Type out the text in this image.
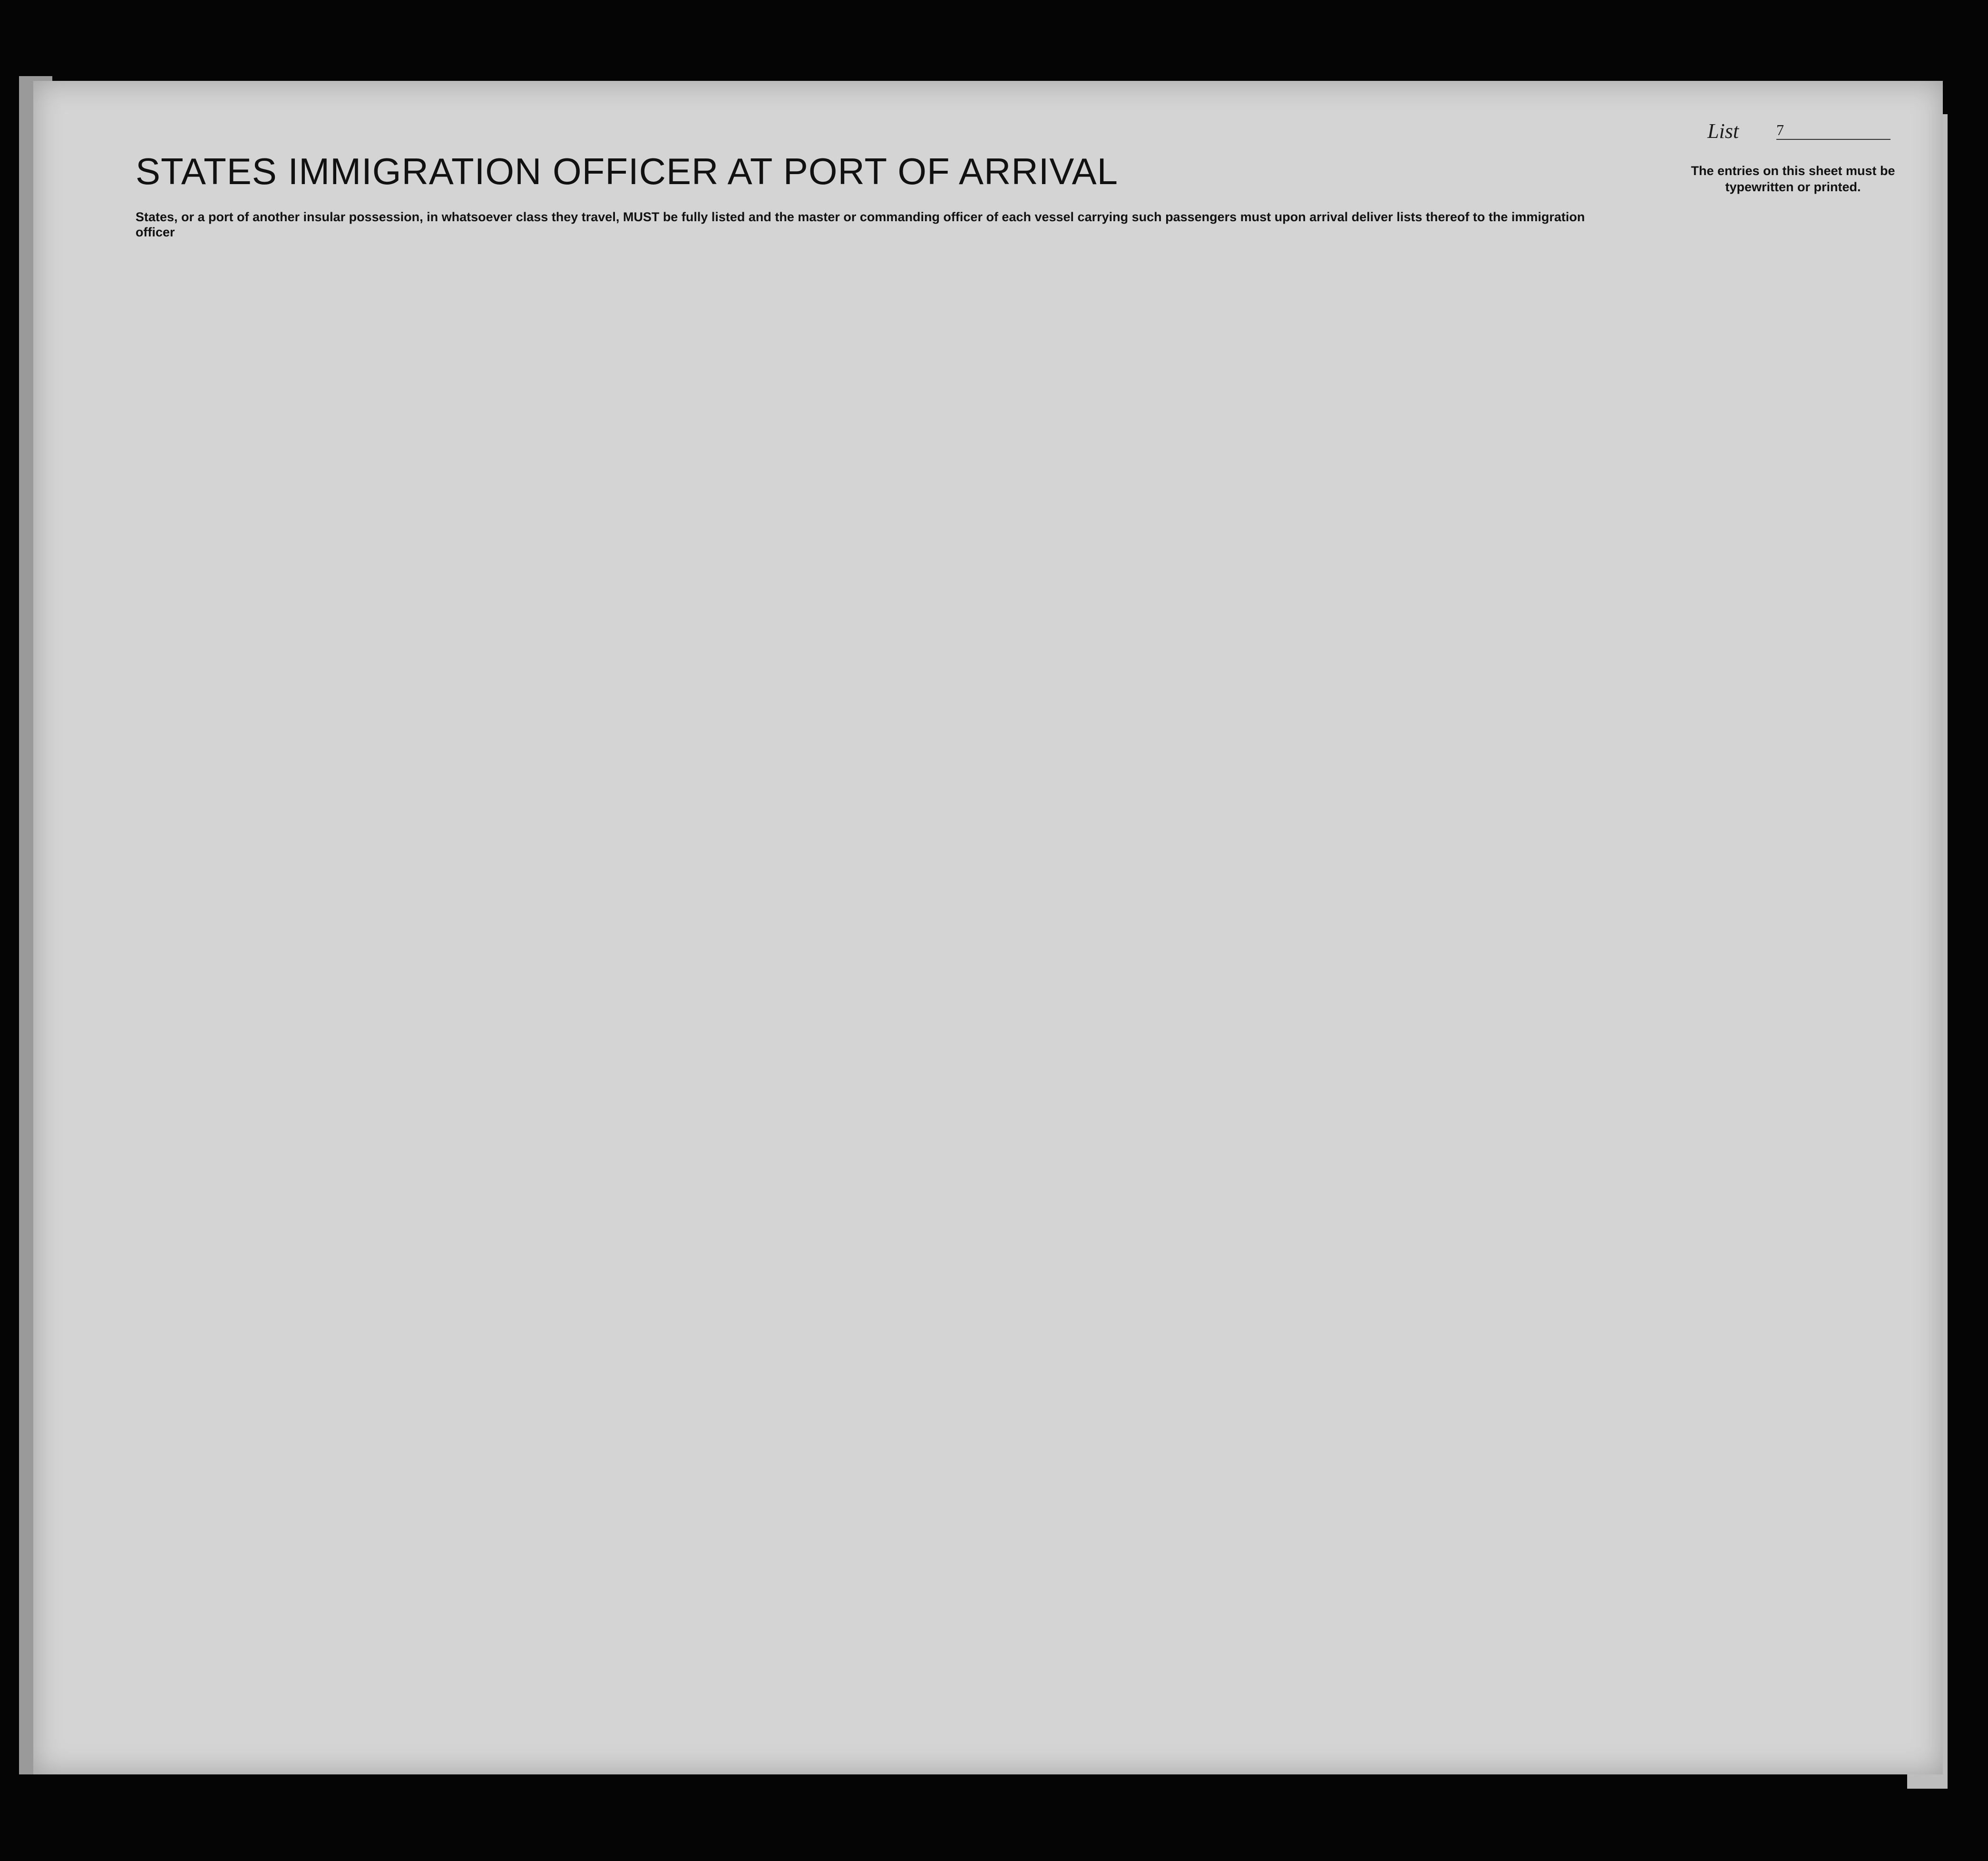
List 7
STATES IMMIGRATION OFFICER AT PORT OF ARRIVAL	The entries on this sheet must be typewritten or printed.
States, or a port of another insular possession, in whatsoever class they travel, MUST be fully listed and the master or commanding officer of each vessel carrying such passengers must upon arrival deliver lists thereof to the immigration officer
